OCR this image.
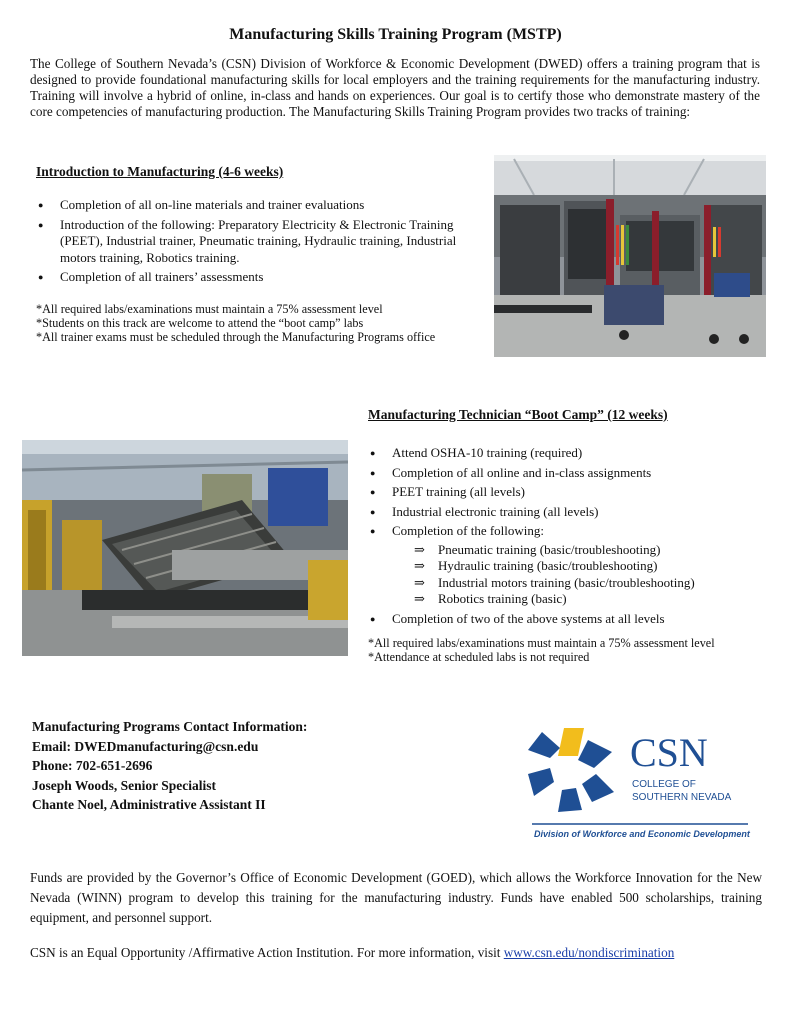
Manufacturing Skills Training Program (MSTP)
The College of Southern Nevada’s (CSN) Division of Workforce & Economic Development (DWED) offers a training program that is designed to provide foundational manufacturing skills for local employers and the training requirements for the manufacturing industry. Training will involve a hybrid of online, in-class and hands on experiences. Our goal is to certify those who demonstrate mastery of the core competencies of manufacturing production. The Manufacturing Skills Training Program provides two tracks of training:
Introduction to Manufacturing (4-6 weeks)
● Completion of all on-line materials and trainer evaluations
● Introduction of the following: Preparatory Electricity & Electronic Training (PEET), Industrial trainer, Pneumatic training, Hydraulic training, Industrial motors training, Robotics training.
● Completion of all trainers’ assessments
*All required labs/examinations must maintain a 75% assessment level
*Students on this track are welcome to attend the “boot camp” labs
*All trainer exams must be scheduled through the Manufacturing Programs office
Manufacturing Technician “Boot Camp” (12 weeks)
● Attend OSHA-10 training (required)
● Completion of all online and in-class assignments
● PEET training (all levels)
● Industrial electronic training (all levels)
● Completion of the following:
⇒ Pneumatic training (basic/troubleshooting)
⇒ Hydraulic training (basic/troubleshooting)
⇒ Industrial motors training (basic/troubleshooting)
⇒ Robotics training (basic)
● Completion of two of the above systems at all levels
*All required labs/examinations must maintain a 75% assessment level
*Attendance at scheduled labs is not required
Manufacturing Programs Contact Information:
Email: DWEDmanufacturing@csn.edu
Phone: 702-651-2696
Joseph Woods, Senior Specialist
Chante Noel, Administrative Assistant II
CSN
COLLEGE OF
SOUTHERN NEVADA
Division of Workforce and Economic Development
Funds are provided by the Governor’s Office of Economic Development (GOED), which allows the Workforce Innovation for the New Nevada (WINN) program to develop this training for the manufacturing industry. Funds have enabled 500 scholarships, training equipment, and personnel support.
CSN is an Equal Opportunity /Affirmative Action Institution. For more information, visit www.csn.edu/nondiscrimination
